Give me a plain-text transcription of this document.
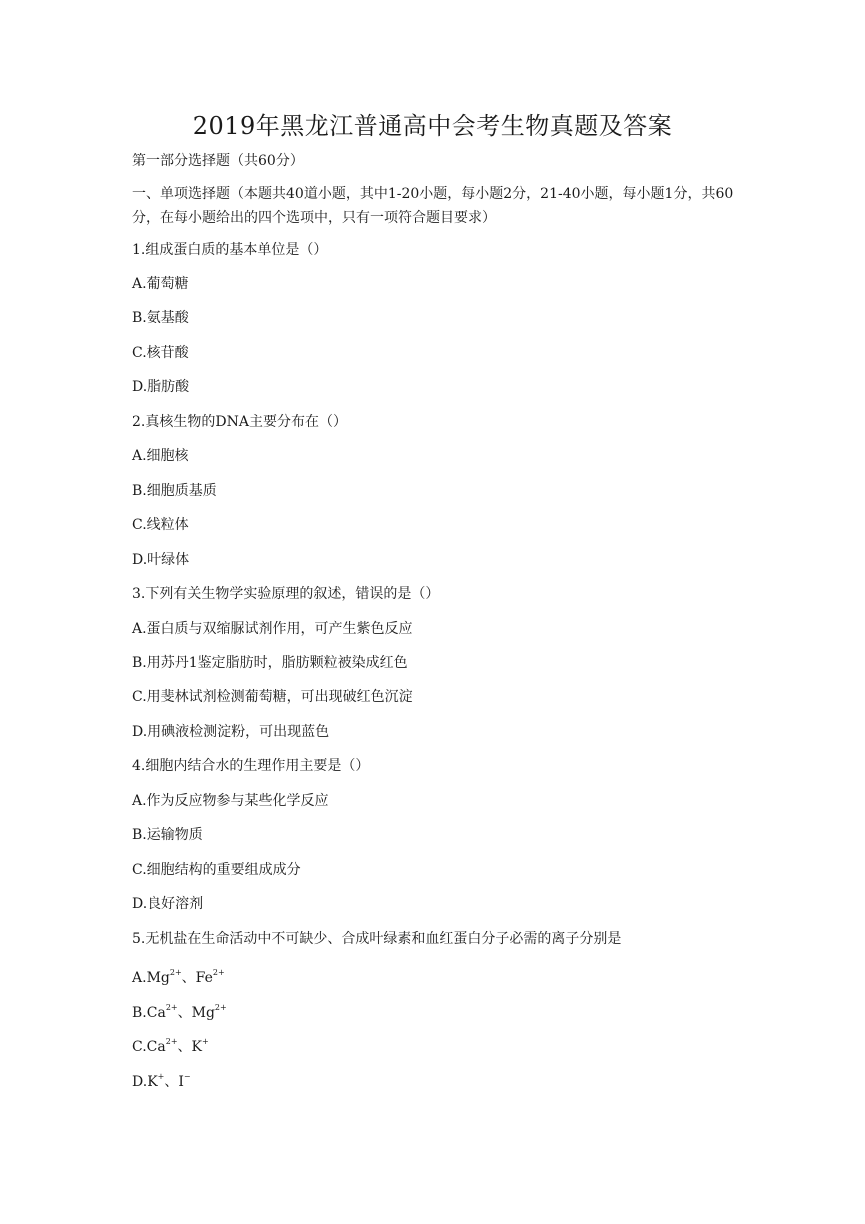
2019年黑龙江普通高中会考生物真题及答案
第一部分选择题（共60分）
一、单项选择题（本题共40道小题，其中1-20小题，每小题2分，21-40小题，每小题1分，共60分，在每小题给出的四个选项中，只有一项符合题目要求）
1.组成蛋白质的基本单位是（）
A.葡萄糖
B.氨基酸
C.核苷酸
D.脂肪酸
2.真核生物的DNA主要分布在（）
A.细胞核
B.细胞质基质
C.线粒体
D.叶绿体
3.下列有关生物学实验原理的叙述，错误的是（）
A.蛋白质与双缩脲试剂作用，可产生紫色反应
B.用苏丹1鉴定脂肪时，脂肪颗粒被染成红色
C.用斐林试剂检测葡萄糖，可出现破红色沉淀
D.用碘液检测淀粉，可出现蓝色
4.细胞内结合水的生理作用主要是（）
A.作为反应物参与某些化学反应
B.运输物质
C.细胞结构的重要组成成分
D.良好溶剂
5.无机盐在生命活动中不可缺少、合成叶绿素和血红蛋白分子必需的离子分别是
$A.Mg^{2+}$、$Fe^{2+}$
$B.Ca^{2+}$、$Mg^{2+}$
$C.Ca^{2+}$、K+
D.K+、I−
